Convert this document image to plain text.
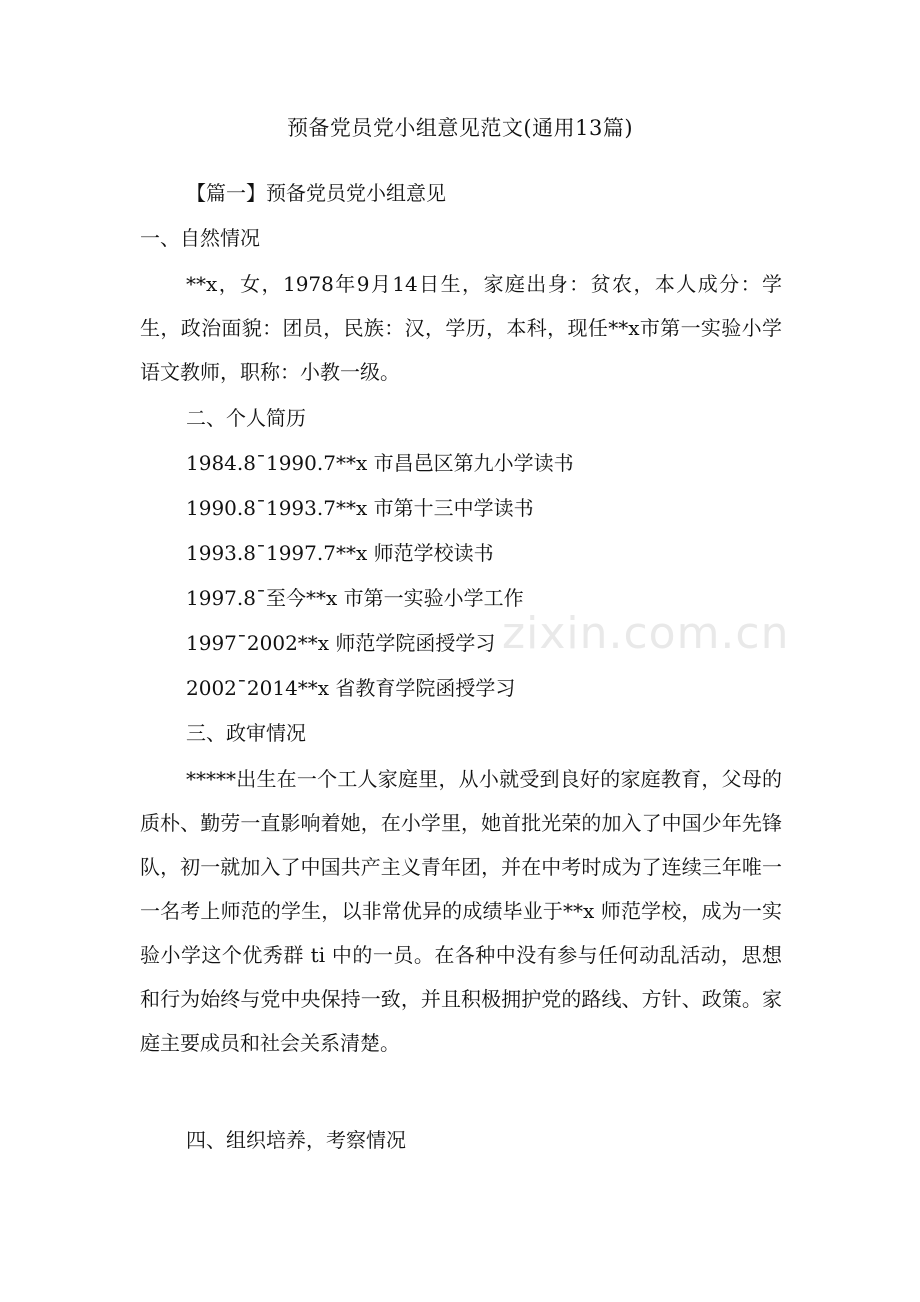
zixin.com.cn
预备党员党小组意见范文(通用13篇)
【篇一】预备党员党小组意见
一、自然情况
**x，女，1978年9月14日生，家庭出身：贫农，本人成分：学生，政治面貌：团员，民族：汉，学历，本科，现任**x市第一实验小学语文教师，职称：小教一级。
二、个人简历
1984.8¯1990.7**x 市昌邑区第九小学读书
1990.8¯1993.7**x 市第十三中学读书
1993.8¯1997.7**x 师范学校读书
1997.8¯至今**x 市第一实验小学工作
1997¯2002**x 师范学院函授学习
2002¯2014**x 省教育学院函授学习
三、政审情况
*****出生在一个工人家庭里，从小就受到良好的家庭教育，父母的质朴、勤劳一直影响着她，在小学里，她首批光荣的加入了中国少年先锋队，初一就加入了中国共产主义青年团，并在中考时成为了连续三年唯一一名考上师范的学生，以非常优异的成绩毕业于**x 师范学校，成为一实验小学这个优秀群 ti 中的一员。在各种中没有参与任何动乱活动，思想和行为始终与党中央保持一致，并且积极拥护党的路线、方针、政策。家庭主要成员和社会关系清楚。
四、组织培养，考察情况
